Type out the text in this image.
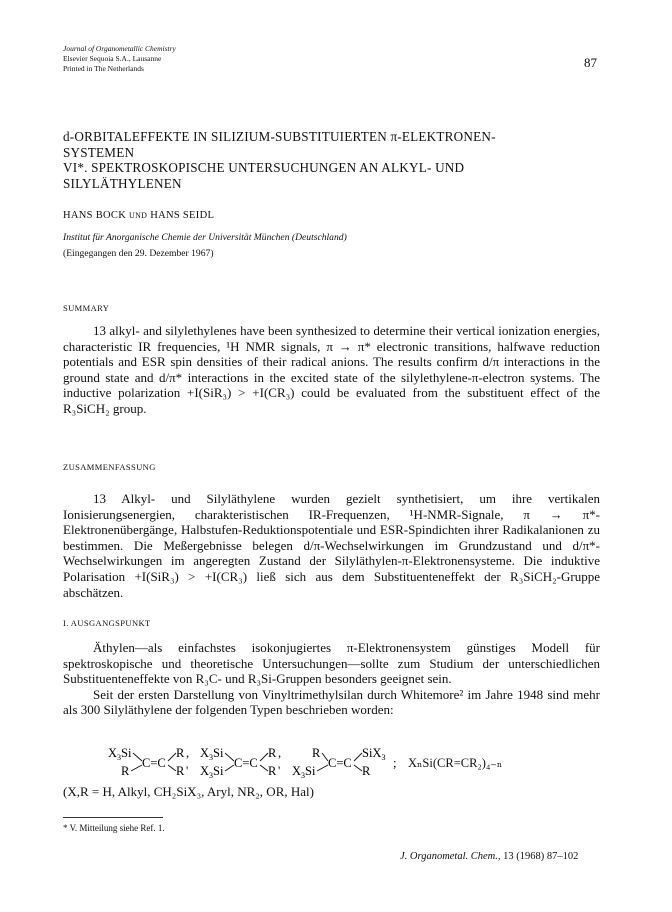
Journal of Organometallic Chemistry
Elsevier Sequoia S.A., Lausanne
Printed in The Netherlands	87
d-ORBITALEFFEKTE IN SILIZIUM-SUBSTITUIERTEN π-ELEKTRONEN-
SYSTEMEN
VI*. SPEKTROSKOPISCHE UNTERSUCHUNGEN AN ALKYL- UND
SILYLÄTHYLENEN
HANS BOCK UND HANS SEIDL
Institut für Anorganische Chemie der Universität München (Deutschland)
(Eingegangen den 29. Dezember 1967)
SUMMARY

13 alkyl- and silylethylenes have been synthesized to determine their vertical ionization energies, characteristic IR frequencies, ¹H NMR signals, π → π* electronic transitions, halfwave reduction potentials and ESR spin densities of their radical anions. The results confirm d/π interactions in the ground state and d/π* interactions in the excited state of the silylethylene-π-electron systems. The inductive polarization +I(SiR₃) > +I(CR₃) could be evaluated from the substituent effect of the R₃SiCH₂ group.

ZUSAMMENFASSUNG

13 Alkyl- und Silyläthylene wurden gezielt synthetisiert, um ihre vertikalen Ionisierungsenergien, charakteristischen IR-Frequenzen, ¹H-NMR-Signale, π → π*-Elektronenübergänge, Halbstufen-Reduktionspotentiale und ESR-Spindichten ihrer Radikalanionen zu bestimmen. Die Meßergebnisse belegen d/π-Wechselwirkungen im Grundzustand und d/π*-Wechselwirkungen im angeregten Zustand der Silyläthylen-π-Elektronensysteme. Die induktive Polarisation +I(SiR₃) > +I(CR₃) ließ sich aus dem Substituenteneffekt der R₃SiCH₂-Gruppe abschätzen.

I. AUSGANGSPUNKT

Äthylen—als einfachstes isokonjugiertes π-Elektronensystem günstiges Modell für spektroskopische und theoretische Untersuchungen—sollte zum Studium der unterschiedlichen Substituenteneffekte von R₃C- und R₃Si-Gruppen besonders geeignet sein.

Seit der ersten Darstellung von Vinyltrimethylsilan durch Whitemore² im Jahre 1948 sind mehr als 300 Silyläthylene der folgenden Typen beschrieben worden:

$X_3Si$
R
C=C
R
R
,
'
$X_3Si$
$X_3Si$
C=C
R
R
,
'
R
$X_3Si$
C=C
SiX$_3$
R
; XₙSi(CR=CR₂)₄₋ₙ
(X,R = H, Alkyl, CH₂SiX₃, Aryl, NR₂, OR, Hal)
* V. Mitteilung siehe Ref. 1.
J. Organometal. Chem., 13 (1968) 87–102
